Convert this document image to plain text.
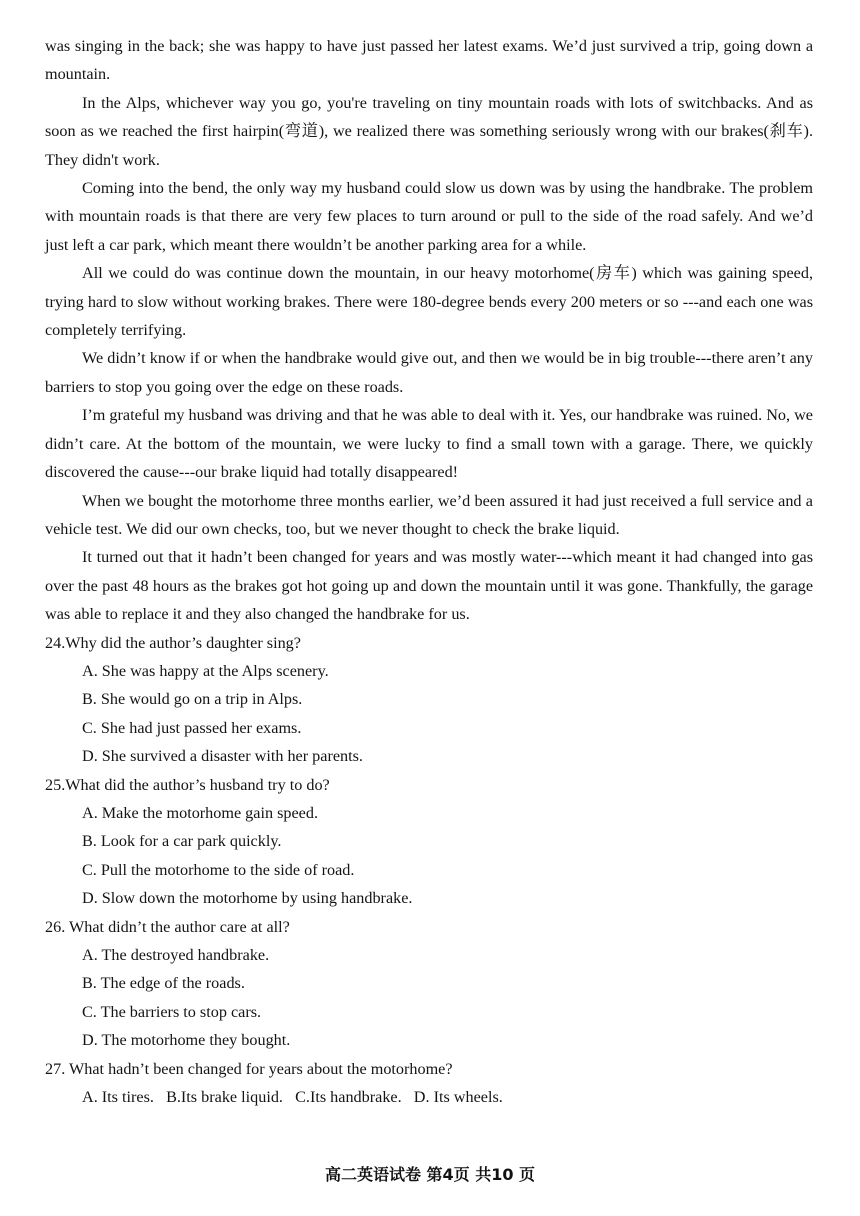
was singing in the back; she was happy to have just passed her latest exams. We’d just survived a trip, going down a mountain.

In the Alps, whichever way you go, you're traveling on tiny mountain roads with lots of switchbacks. And as soon as we reached the first hairpin(弯道), we realized there was something seriously wrong with our brakes(刹车). They didn't work.

Coming into the bend, the only way my husband could slow us down was by using the handbrake. The problem with mountain roads is that there are very few places to turn around or pull to the side of the road safely. And we’d just left a car park, which meant there wouldn’t be another parking area for a while.

All we could do was continue down the mountain, in our heavy motorhome(房车) which was gaining speed, trying hard to slow without working brakes. There were 180-degree bends every 200 meters or so ---and each one was completely terrifying.

We didn’t know if or when the handbrake would give out, and then we would be in big trouble---there aren’t any barriers to stop you going over the edge on these roads.

I’m grateful my husband was driving and that he was able to deal with it. Yes, our handbrake was ruined. No, we didn’t care. At the bottom of the mountain, we were lucky to find a small town with a garage. There, we quickly discovered the cause---our brake liquid had totally disappeared!

When we bought the motorhome three months earlier, we’d been assured it had just received a full service and a vehicle test. We did our own checks, too, but we never thought to check the brake liquid.

It turned out that it hadn’t been changed for years and was mostly water---which meant it had changed into gas over the past 48 hours as the brakes got hot going up and down the mountain until it was gone. Thankfully, the garage was able to replace it and they also changed the handbrake for us.

24.Why did the author’s daughter sing?

A. She was happy at the Alps scenery.

B. She would go on a trip in Alps.

C. She had just passed her exams.

D. She survived a disaster with her parents.

25.What did the author’s husband try to do?

A. Make the motorhome gain speed.

B. Look for a car park quickly.

C. Pull the motorhome to the side of road.

D. Slow down the motorhome by using handbrake.

26. What didn’t the author care at all?

A. The destroyed handbrake.

B. The edge of the roads.

C. The barriers to stop cars.

D. The motorhome they bought.

27. What hadn’t been changed for years about the motorhome?

A. Its tires.   B.Its brake liquid.   C.Its handbrake.   D. Its wheels.

高二英语试卷 第4页 共10 页
